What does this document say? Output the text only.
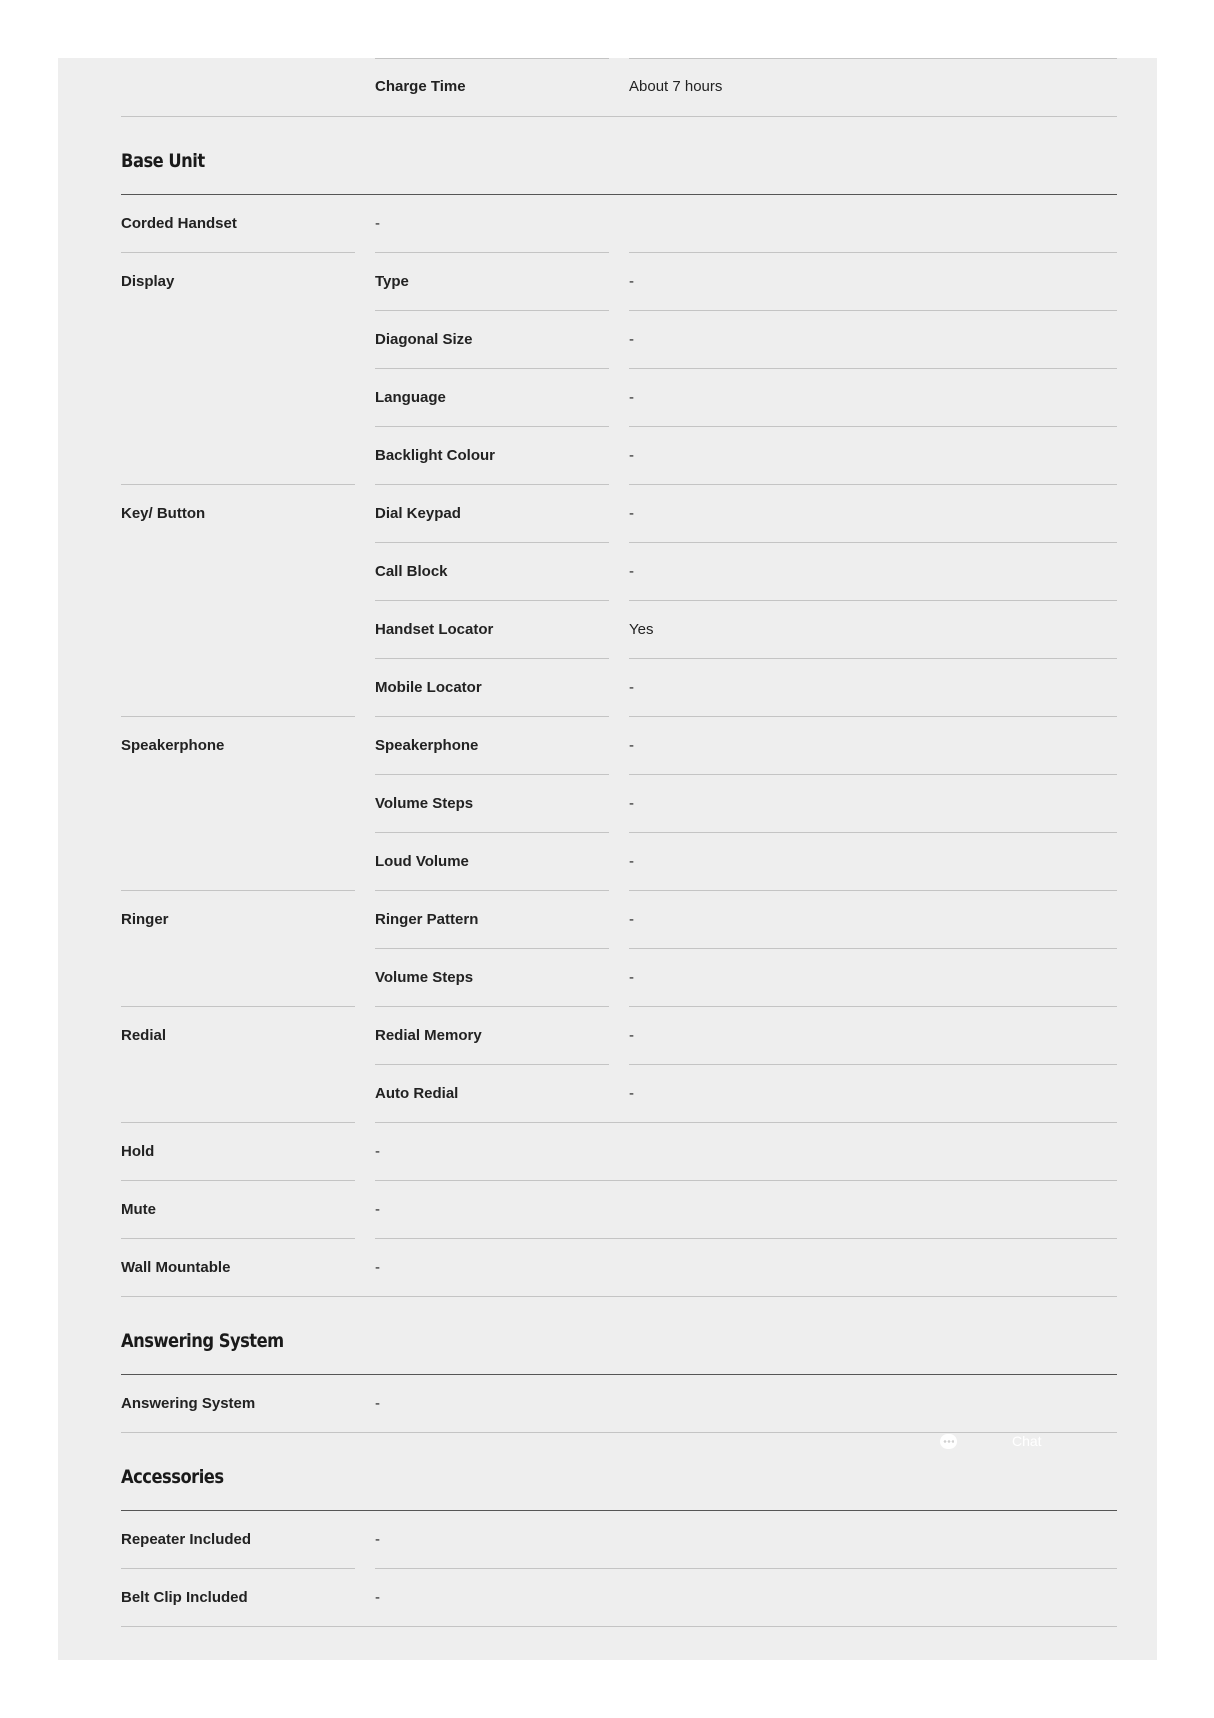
Charge Time	About 7 hours
Base Unit
Corded Handset	-
Display	Type	-
Diagonal Size	-
Language	-
Backlight Colour	-
Key/ Button	Dial Keypad	-
Call Block	-
Handset Locator	Yes
Mobile Locator	-
Speakerphone	Speakerphone	-
Volume Steps	-
Loud Volume	-
Ringer	Ringer Pattern	-
Volume Steps	-
Redial	Redial Memory	-
Auto Redial	-
Hold	-
Mute	-
Wall Mountable	-
Answering System
Answering System	-
Accessories
Repeater Included	-
Belt Clip Included	-
Chat
